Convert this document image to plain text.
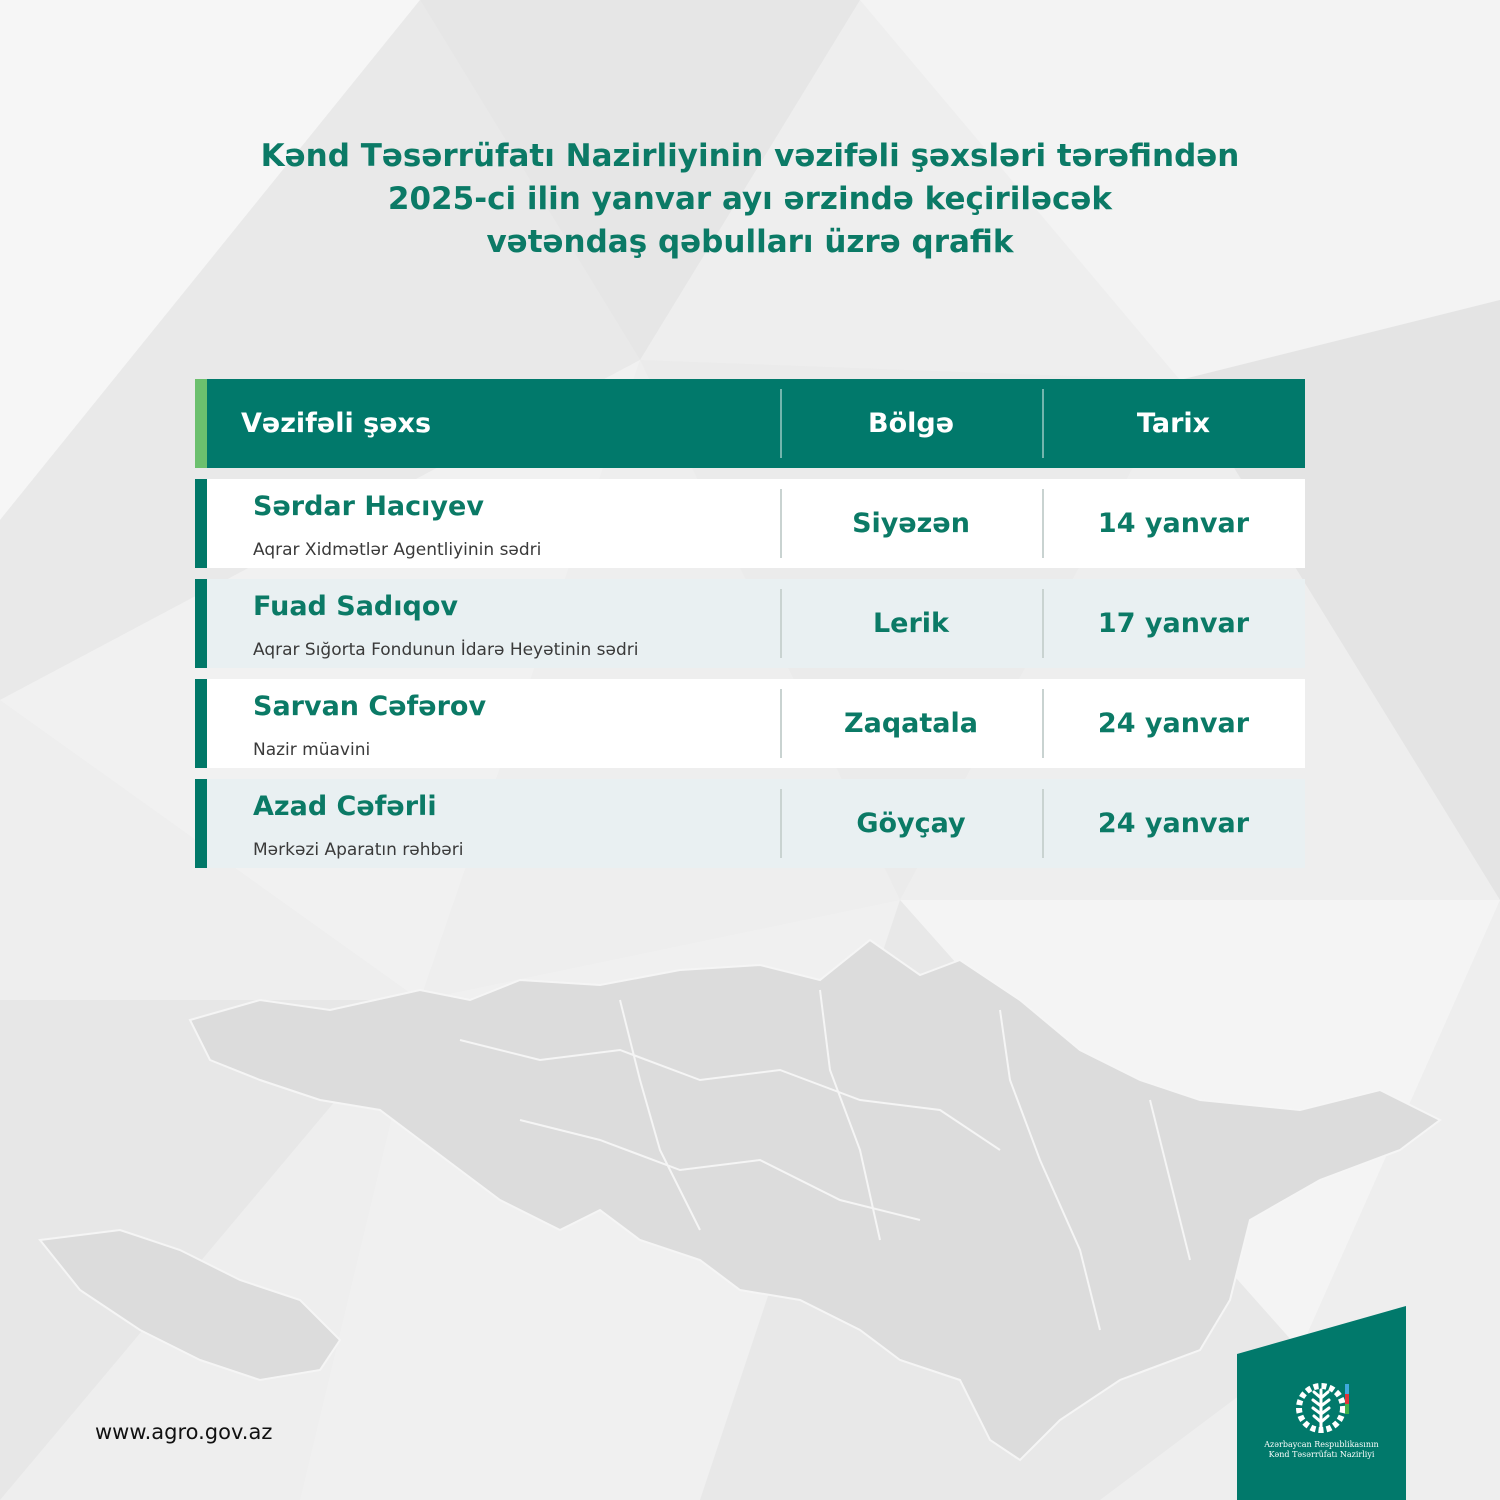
Kənd Təsərrüfatı Nazirliyinin vəzifəli şəxsləri tərəfindən
2025-ci ilin yanvar ayı ərzində keçiriləcək
vətəndaş qəbulları üzrə qrafik
Vəzifəli şəxs	Bölgə	Tarix
Sərdar Hacıyev
Aqrar Xidmətlər Agentliyinin sədri
Siyəzən	14 yanvar
Fuad Sadıqov
Aqrar Sığorta Fondunun İdarə Heyətinin sədri
Lerik	17 yanvar
Sarvan Cəfərov
Nazir müavini
Zaqatala	24 yanvar
Azad Cəfərli
Mərkəzi Aparatın rəhbəri
Göyçay	24 yanvar
www.agro.gov.az
Azərbaycan Respublikasının
Kənd Təsərrüfatı Nazirliyi
